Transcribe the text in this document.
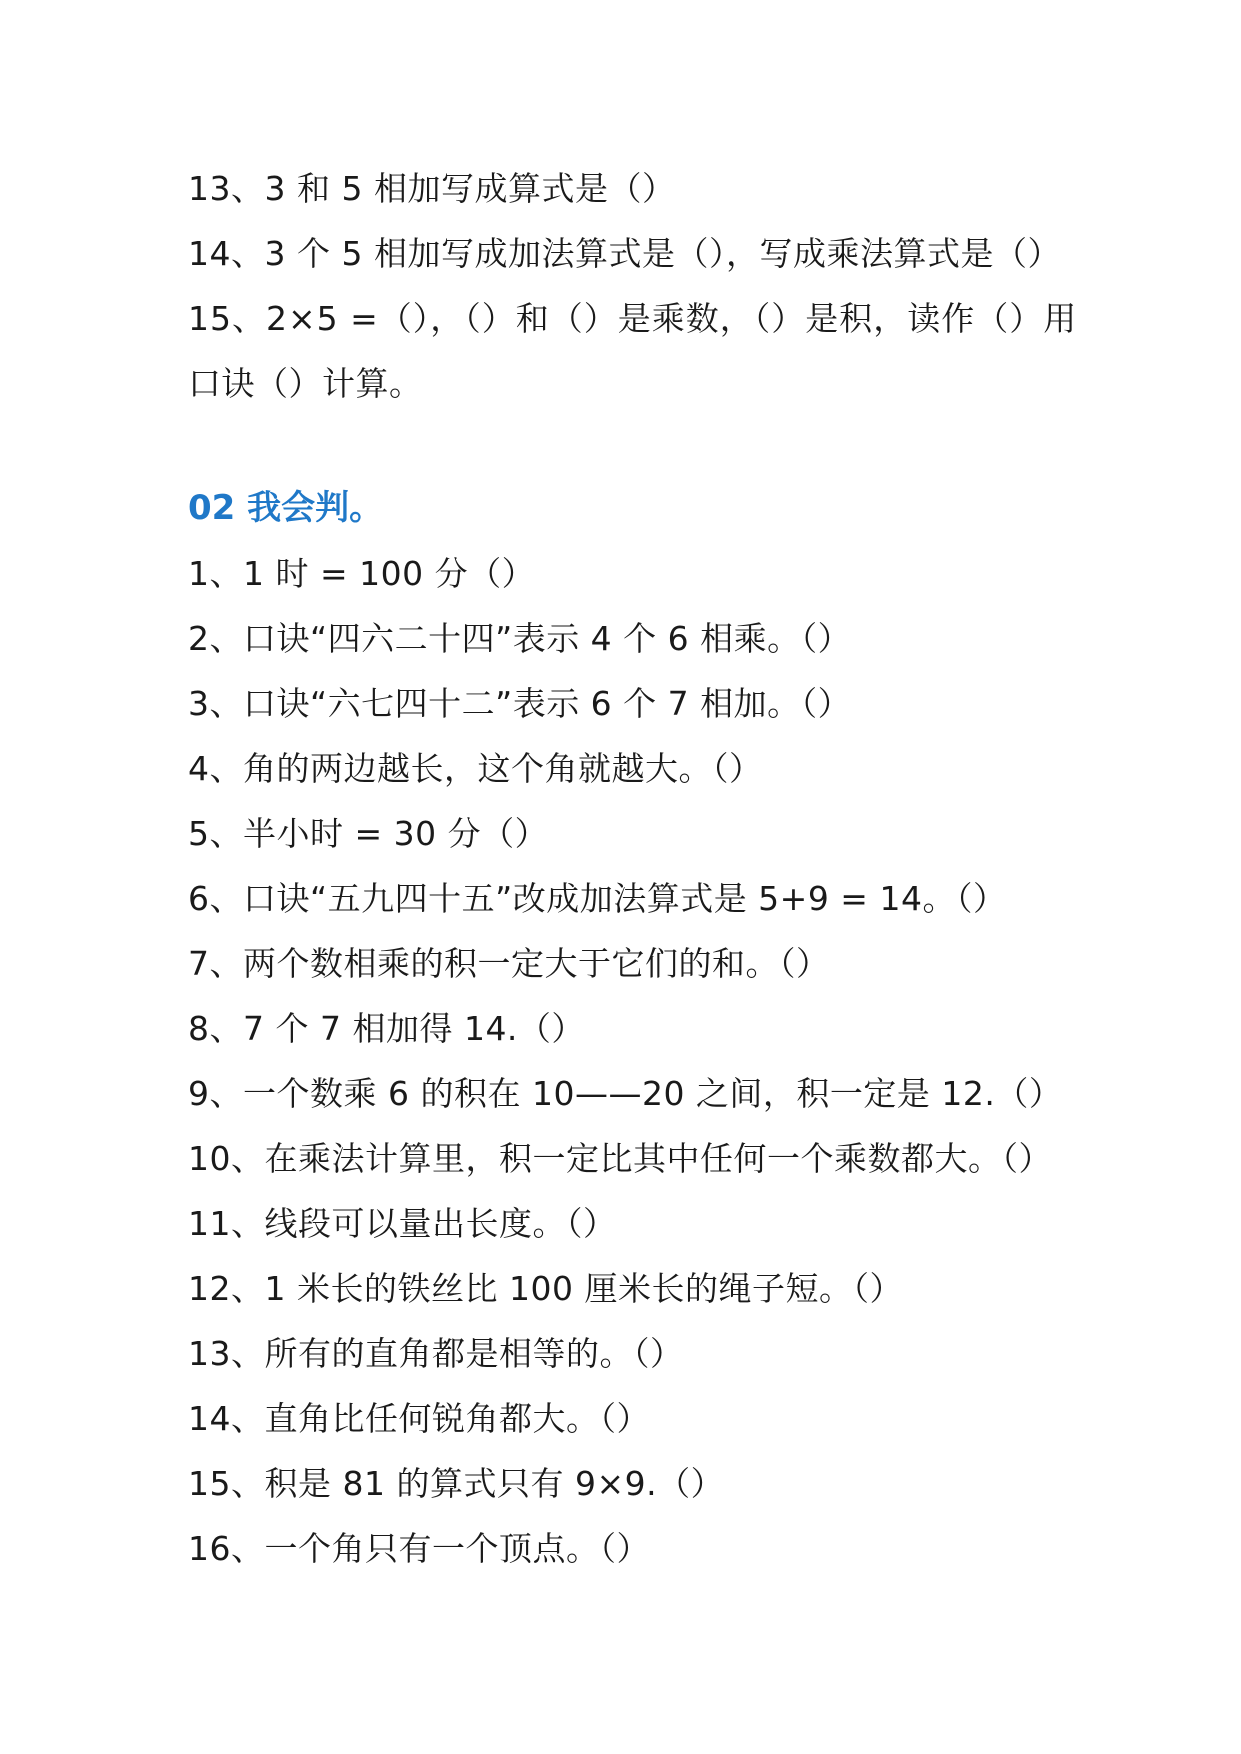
13、3 和 5 相加写成算式是（）
14、3 个 5 相加写成加法算式是（），写成乘法算式是（）
15、2×5 =（），（）和（）是乘数，（）是积，读作（）用
口诀（）计算。
02 我会判。
1、1 时 = 100 分（）
2、口诀“四六二十四”表示 4 个 6 相乘。（）
3、口诀“六七四十二”表示 6 个 7 相加。（）
4、角的两边越长，这个角就越大。（）
5、半小时 = 30 分（）
6、口诀“五九四十五”改成加法算式是 5+9 = 14。（）
7、两个数相乘的积一定大于它们的和。（）
8、7 个 7 相加得 14.（）
9、一个数乘 6 的积在 10——20 之间，积一定是 12.（）
10、在乘法计算里，积一定比其中任何一个乘数都大。（）
11、线段可以量出长度。（）
12、1 米长的铁丝比 100 厘米长的绳子短。（）
13、所有的直角都是相等的。（）
14、直角比任何锐角都大。（）
15、积是 81 的算式只有 9×9.（）
16、一个角只有一个顶点。（）
